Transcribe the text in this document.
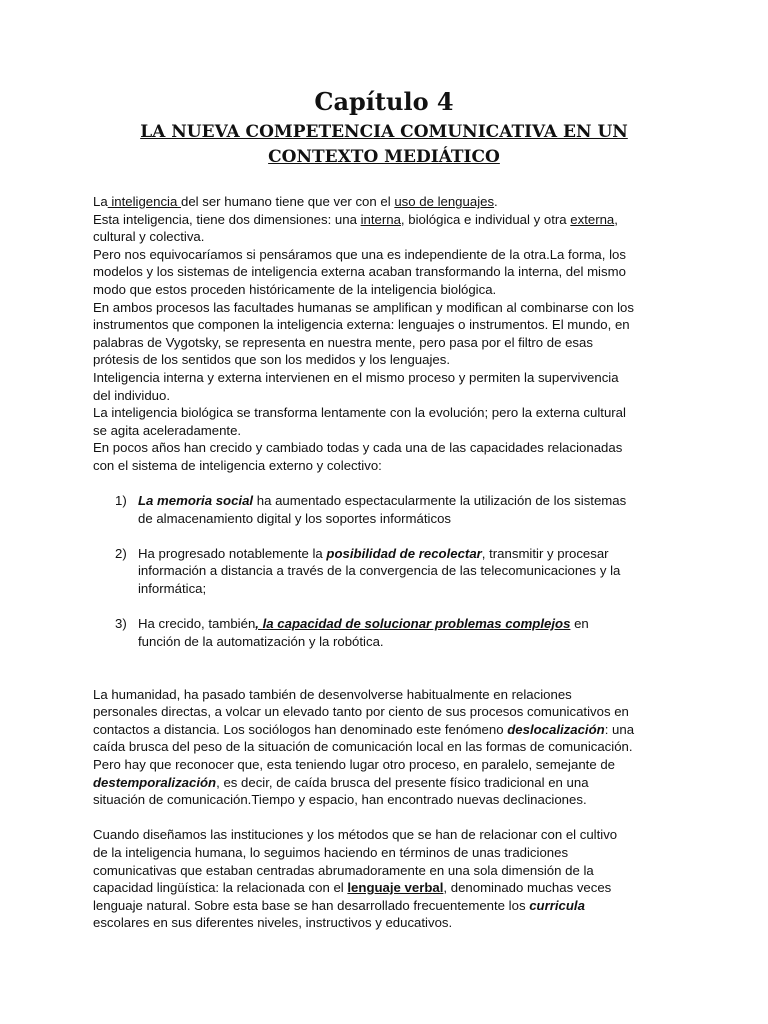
Capítulo 4
LA NUEVA COMPETENCIA COMUNICATIVA EN UN
CONTEXTO MEDIÁTICO

La inteligencia del ser humano tiene que ver con el uso de lenguajes.

Esta inteligencia, tiene dos dimensiones: una interna, biológica e individual y otra externa,

cultural y colectiva.

Pero nos equivocaríamos si pensáramos que una es independiente de la otra.La forma, los

modelos y los sistemas de inteligencia externa acaban transformando la interna, del mismo

modo que estos proceden históricamente de la inteligencia biológica.

En ambos procesos las facultades humanas se amplifican y modifican al combinarse con los

instrumentos que componen la inteligencia externa: lenguajes o instrumentos. El mundo, en

palabras de Vygotsky, se representa en nuestra mente, pero pasa por el filtro de esas

prótesis de los sentidos que son los medidos y los lenguajes.

Inteligencia interna y externa intervienen en el mismo proceso y permiten la supervivencia

del individuo.

La inteligencia biológica se transforma lentamente con la evolución; pero la externa cultural

se agita aceleradamente.

En pocos años han crecido y cambiado todas y cada una de las capacidades relacionadas

con el sistema de inteligencia externo y colectivo:

1) La memoria social ha aumentado espectacularmente la utilización de los sistemas

de almacenamiento digital y los soportes informáticos

2) Ha progresado notablemente la posibilidad de recolectar, transmitir y procesar

información a distancia a través de la convergencia de las telecomunicaciones y la

informática;

3) Ha crecido, también, la capacidad de solucionar problemas complejos en

función de la automatización y la robótica.

La humanidad, ha pasado también de desenvolverse habitualmente en relaciones

personales directas, a volcar un elevado tanto por ciento de sus procesos comunicativos en

contactos a distancia. Los sociólogos han denominado este fenómeno deslocalización: una

caída brusca del peso de la situación de comunicación local en las formas de comunicación.

Pero hay que reconocer que, esta teniendo lugar otro proceso, en paralelo, semejante de

destemporalización, es decir, de caída brusca del presente físico tradicional en una

situación de comunicación.Tiempo y espacio, han encontrado nuevas declinaciones.

Cuando diseñamos las instituciones y los métodos que se han de relacionar con el cultivo

de la inteligencia humana, lo seguimos haciendo en términos de unas tradiciones

comunicativas que estaban centradas abrumadoramente en una sola dimensión de la

capacidad lingüística: la relacionada con el lenguaje verbal, denominado muchas veces

lenguaje natural. Sobre esta base se han desarrollado frecuentemente los curricula

escolares en sus diferentes niveles, instructivos y educativos.
